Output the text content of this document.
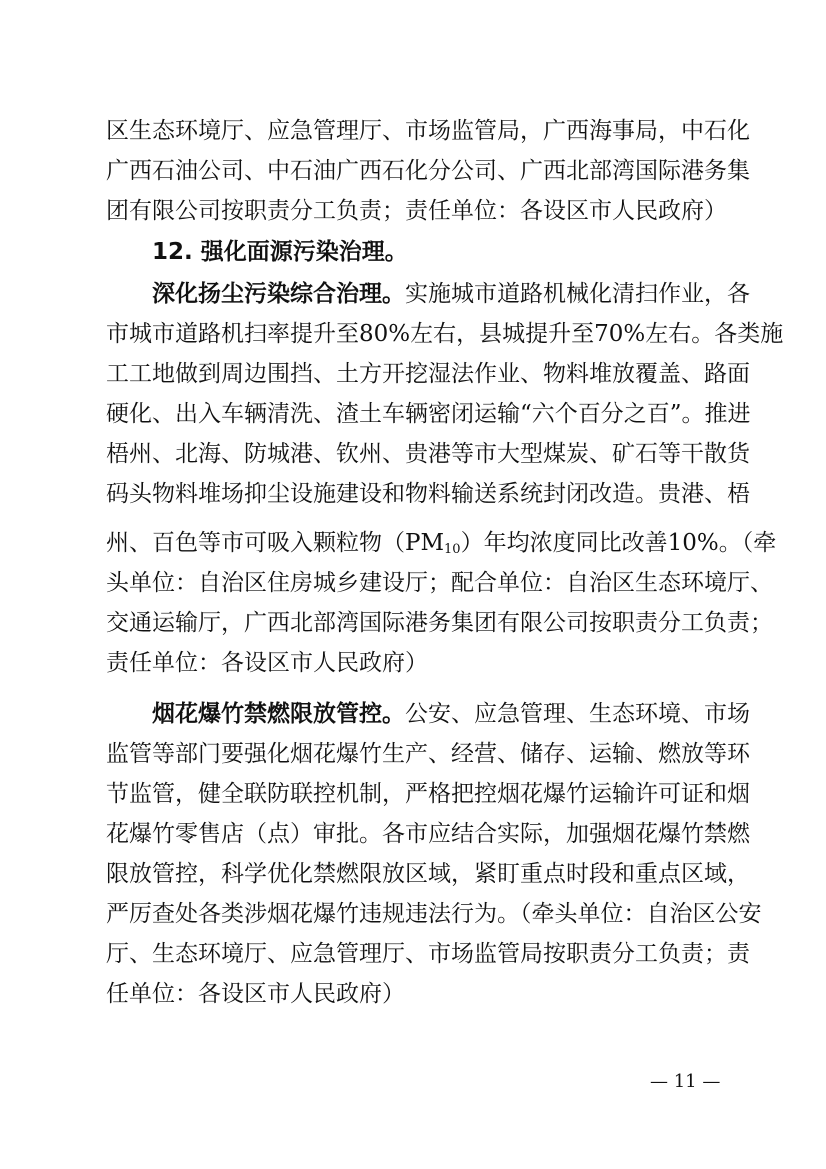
区生态环境厅、应急管理厅、市场监管局，广西海事局，中石化
广西石油公司、中石油广西石化分公司、广西北部湾国际港务集
团有限公司按职责分工负责；责任单位：各设区市人民政府）
12. 强化面源污染治理。
深化扬尘污染综合治理。实施城市道路机械化清扫作业，各
市城市道路机扫率提升至80%左右，县城提升至70%左右。各类施
工工地做到周边围挡、土方开挖湿法作业、物料堆放覆盖、路面
硬化、出入车辆清洗、渣土车辆密闭运输“六个百分之百”。推进
梧州、北海、防城港、钦州、贵港等市大型煤炭、矿石等干散货
码头物料堆场抑尘设施建设和物料输送系统封闭改造。贵港、梧
州、百色等市可吸入颗粒物（PM10）年均浓度同比改善10%。（牵
头单位：自治区住房城乡建设厅；配合单位：自治区生态环境厅、
交通运输厅，广西北部湾国际港务集团有限公司按职责分工负责；
责任单位：各设区市人民政府）
烟花爆竹禁燃限放管控。公安、应急管理、生态环境、市场
监管等部门要强化烟花爆竹生产、经营、储存、运输、燃放等环
节监管，健全联防联控机制，严格把控烟花爆竹运输许可证和烟
花爆竹零售店（点）审批。各市应结合实际，加强烟花爆竹禁燃
限放管控，科学优化禁燃限放区域，紧盯重点时段和重点区域，
严厉查处各类涉烟花爆竹违规违法行为。（牵头单位：自治区公安
厅、生态环境厅、应急管理厅、市场监管局按职责分工负责；责
任单位：各设区市人民政府）
— 11 —
